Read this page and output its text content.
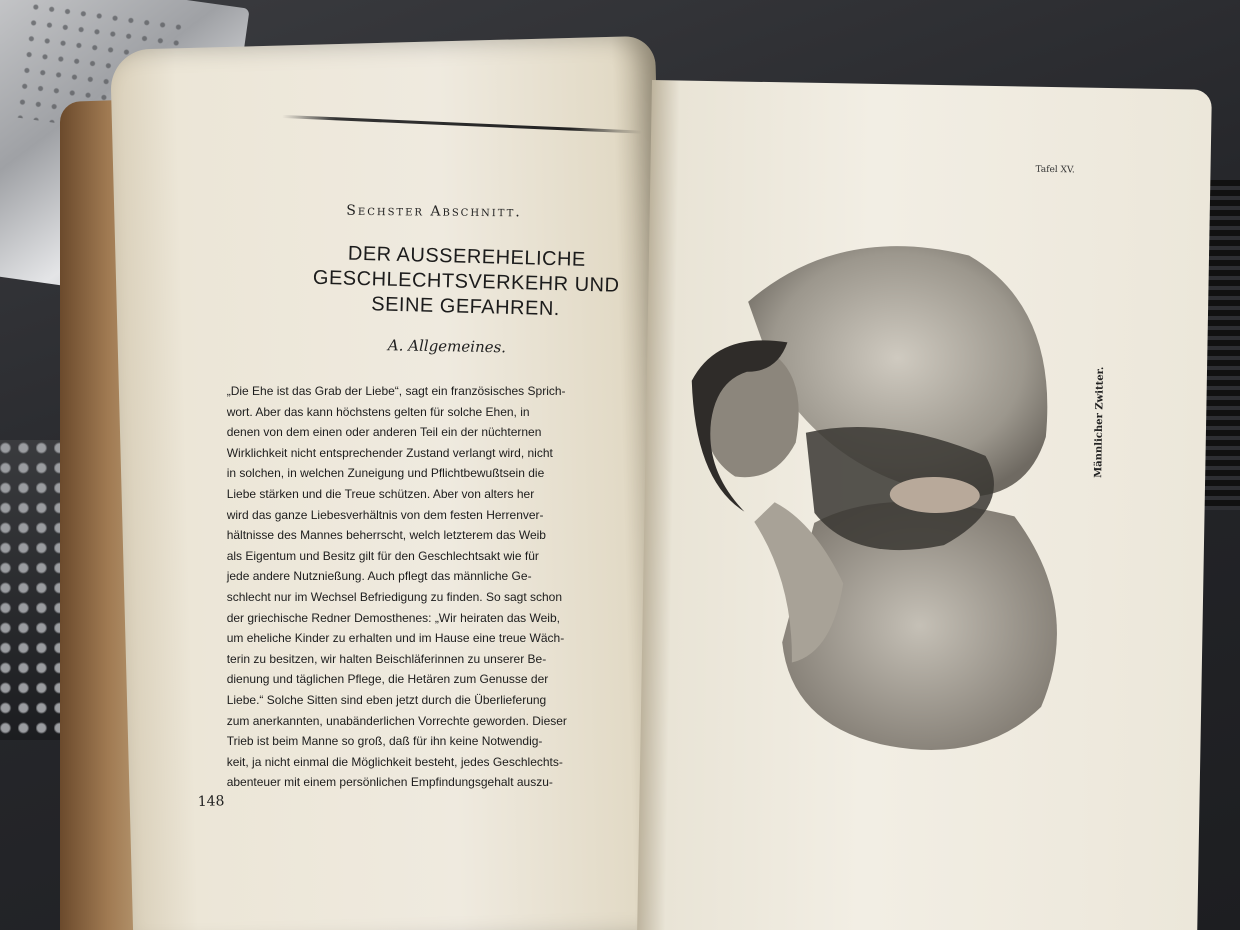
Sechster Abschnitt.
DER AUSSEREHELICHE
GESCHLECHTSVERKEHR UND
SEINE GEFAHREN.
A. Allgemeines.
„Die Ehe ist das Grab der Liebe“, sagt ein französisches Sprich-
wort. Aber das kann höchstens gelten für solche Ehen, in
denen von dem einen oder anderen Teil ein der nüchternen
Wirklichkeit nicht entsprechender Zustand verlangt wird, nicht
in solchen, in welchen Zuneigung und Pflichtbewußtsein die
Liebe stärken und die Treue schützen. Aber von alters her
wird das ganze Liebesverhältnis von dem festen Herrenver-
hältnisse des Mannes beherrscht, welch letzterem das Weib
als Eigentum und Besitz gilt für den Geschlechtsakt wie für
jede andere Nutznießung. Auch pflegt das männliche Ge-
schlecht nur im Wechsel Befriedigung zu finden. So sagt schon
der griechische Redner Demosthenes: „Wir heiraten das Weib,
um eheliche Kinder zu erhalten und im Hause eine treue Wäch-
terin zu besitzen, wir halten Beischläferinnen zu unserer Be-
dienung und täglichen Pflege, die Hetären zum Genusse der
Liebe.“ Solche Sitten sind eben jetzt durch die Überlieferung
zum anerkannten, unabänderlichen Vorrechte geworden. Dieser
Trieb ist beim Manne so groß, daß für ihn keine Notwendig-
keit, ja nicht einmal die Möglichkeit besteht, jedes Geschlechts-
abenteuer mit einem persönlichen Empfindungsgehalt auszu-
148
Tafel XV.
Männlicher Zwitter.
